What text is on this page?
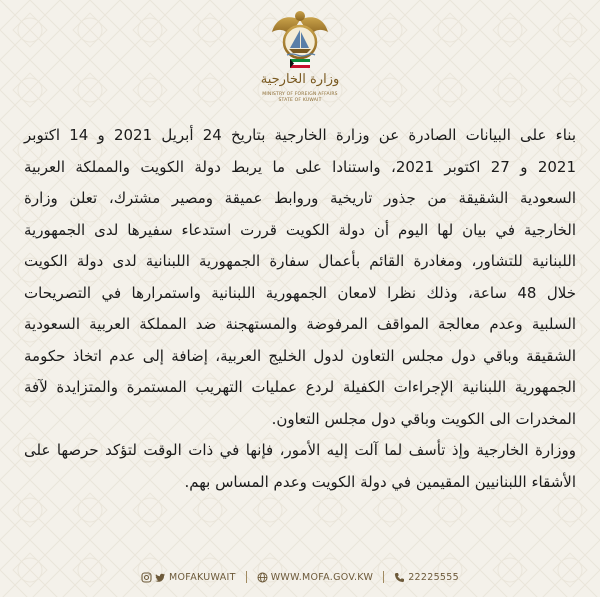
وزارة الخارجية
MINISTRY OF FOREIGN AFFAIRS
STATE OF KUWAIT
بناء على البيانات الصادرة عن وزارة الخارجية بتاريخ 24 أبريل 2021 و 14 اكتوبر
2021 و 27 اكتوبر 2021، واستنادا على ما يربط دولة الكويت والمملكة العربية
السعودية الشقيقة من جذور تاريخية وروابط عميقة ومصير مشترك، تعلن وزارة
الخارجية في بيان لها اليوم أن دولة الكويت قررت استدعاء سفيرها لدى الجمهورية
اللبنانية للتشاور، ومغادرة القائم بأعمال سفارة الجمهورية اللبنانية لدى دولة الكويت
خلال 48 ساعة، وذلك نظرا لامعان الجمهورية اللبنانية واستمرارها في التصريحات
السلبية وعدم معالجة المواقف المرفوضة والمستهجنة ضد المملكة العربية السعودية
الشقيقة وباقي دول مجلس التعاون لدول الخليج العربية، إضافة إلى عدم اتخاذ حكومة
الجمهورية اللبنانية الإجراءات الكفيلة لردع عمليات التهريب المستمرة والمتزايدة لآفة
المخدرات الى الكويت وباقي دول مجلس التعاون.
ووزارة الخارجية وإذ تأسف لما آلت إليه الأمور، فإنها في ذات الوقت لتؤكد حرصها على
الأشقاء اللبنانيين المقيمين في دولة الكويت وعدم المساس بهم.
MOFAKUWAIT	WWW.MOFA.GOV.KW	22225555
